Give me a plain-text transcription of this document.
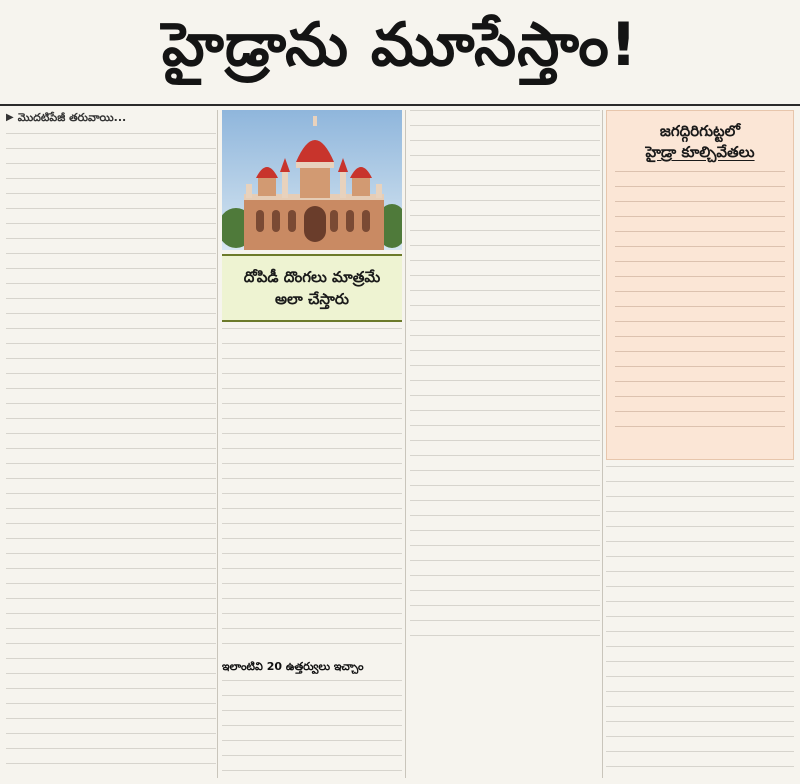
హైడ్రాను మూసేస్తాం!
▶ మొదటిపేజీ తరువాయి...
దోపిడీ దొంగలు మాత్రమే అలా చేస్తారు
ఇలాంటివి 20 ఉత్తర్వులు ఇచ్చాం
జగద్గిరిగుట్టలో
హైడ్రా కూల్చివేతలు
